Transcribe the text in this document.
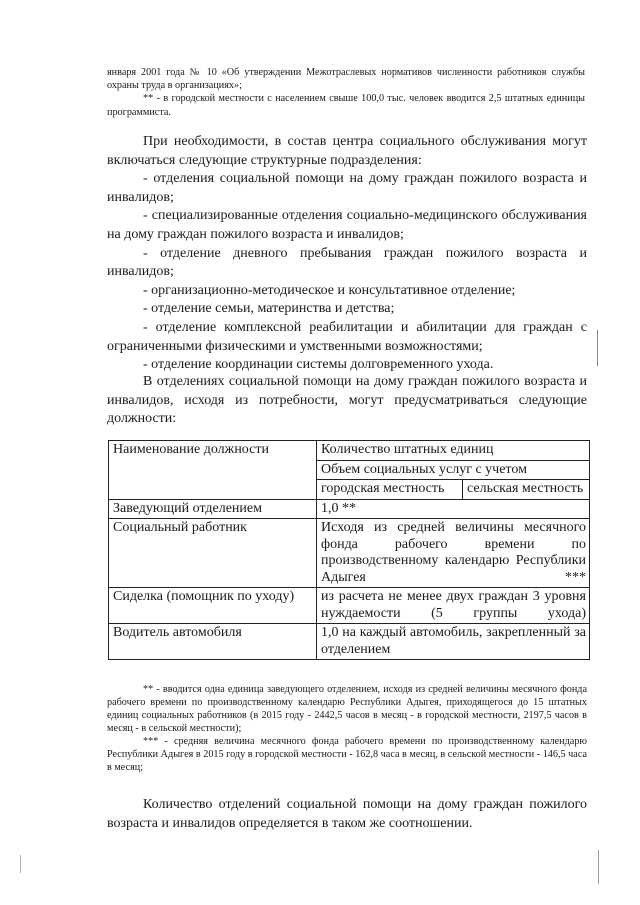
января 2001 года № 10 «Об утверждении Межотраслевых нормативов численности работников службы охраны труда в организациях»;

** - в городской местности с населением свыше 100,0 тыс. человек вводится 2,5 штатных единицы программиста.

При необходимости, в состав центра социального обслуживания могут включаться следующие структурные подразделения:

- отделения социальной помощи на дому граждан пожилого возраста и инвалидов;

- специализированные отделения социально-медицинского обслуживания на дому граждан пожилого возраста и инвалидов;

- отделение дневного пребывания граждан пожилого возраста и инвалидов;

- организационно-методическое и консультативное отделение;

- отделение семьи, материнства и детства;

- отделение комплексной реабилитации и абилитации для граждан с ограниченными физическими и умственными возможностями;

- отделение координации системы долговременного ухода.

В отделениях социальной помощи на дому граждан пожилого возраста и инвалидов, исходя из потребности, могут предусматриваться следующие должности:

Наименование должности	Количество штатных единиц	
	Объем социальных услуг с учетом	
	городская местность	сельская местность
Заведующий отделением	1,0 **	
Социальный работник	Исходя из средней величины месячного фонда рабочего времени по производственному календарю Республики Адыгея ***	
Сиделка (помощник по уходу)	из расчета не менее двух граждан 3 уровня нуждаемости (5 группы ухода)	
Водитель автомобиля	1,0 на каждый автомобиль, закрепленный за отделением	

** - вводится одна единица заведующего отделением, исходя из средней величины месячного фонда рабочего времени по производственному календарю Республики Адыгея, приходящегося до 15 штатных единиц социальных работников (в 2015 году - 2442,5 часов в месяц - в городской местности, 2197,5 часов в месяц - в сельской местности);

*** - средняя величина месячного фонда рабочего времени по производственному календарю Республики Адыгея в 2015 году в городской местности - 162,8 часа в месяц, в сельской местности - 146,5 часа в месяц;

Количество отделений социальной помощи на дому граждан пожилого возраста и инвалидов определяется в таком же соотношении.
